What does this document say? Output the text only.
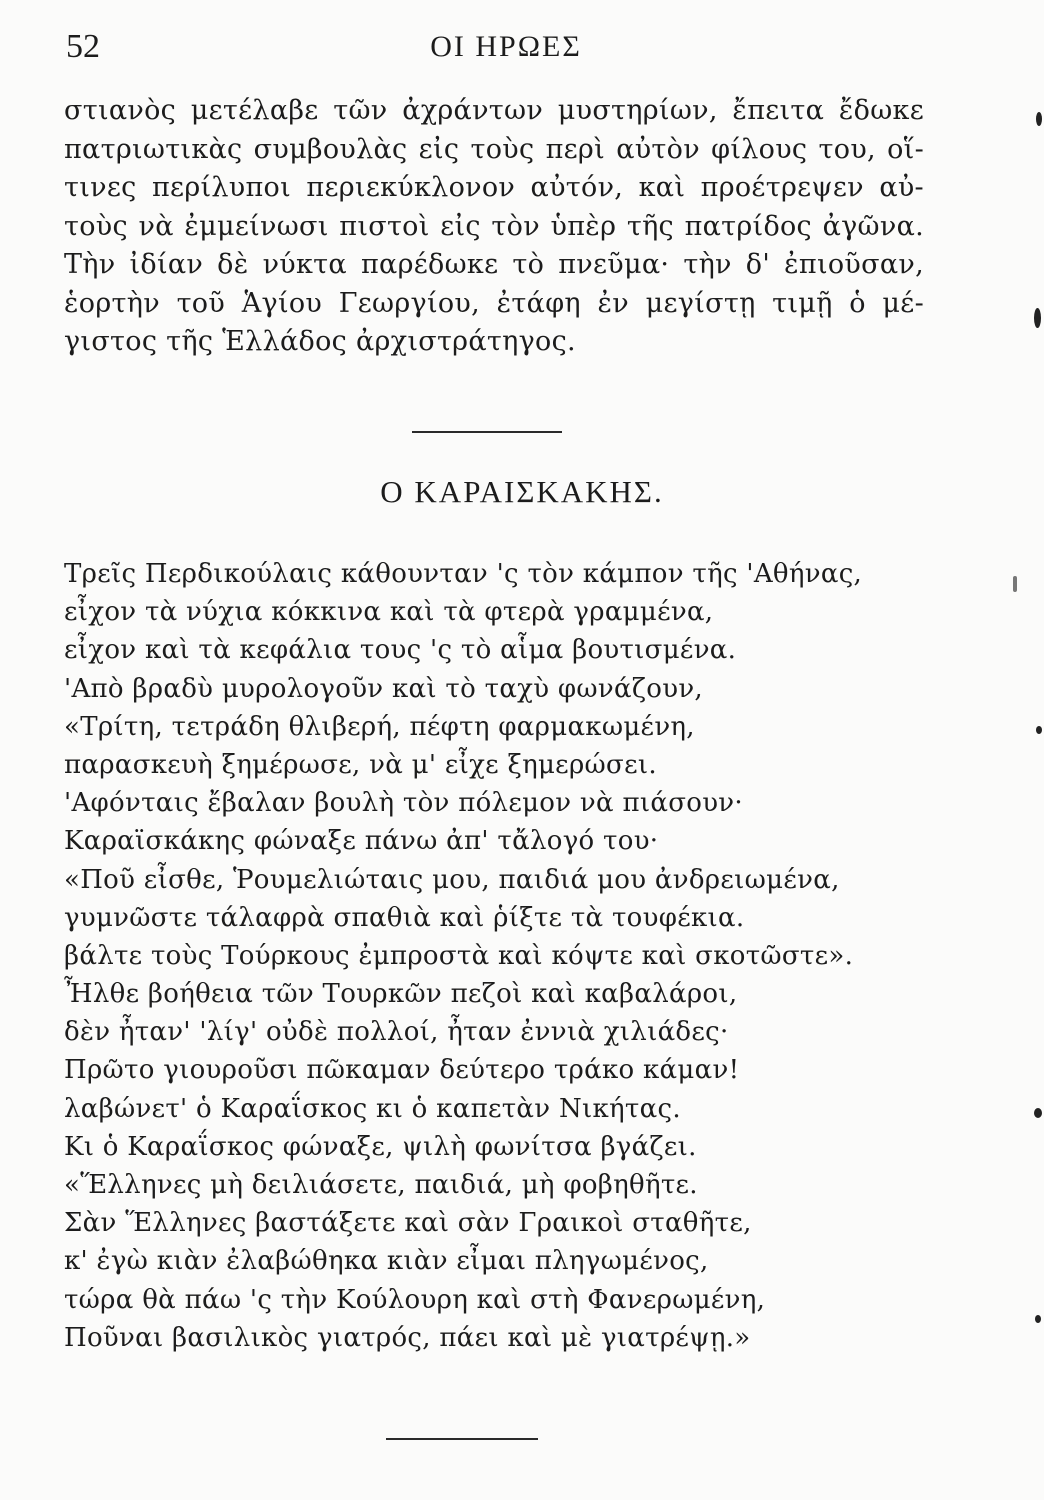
52	ΟΙ ΗΡΩΕΣ
στιανὸς μετέλαβε τῶν ἀχράντων μυστηρίων, ἔπειτα ἔδωκε
πατριωτικὰς συμβουλὰς εἰς τοὺς περὶ αὐτὸν φίλους του, οἵ-
τινες περίλυποι περιεκύκλονον αὐτόν, καὶ προέτρεψεν αὐ-
τοὺς νὰ ἐμμείνωσι πιστοὶ εἰς τὸν ὑπὲρ τῆς πατρίδος ἀγῶνα.
Τὴν ἰδίαν δὲ νύκτα παρέδωκε τὸ πνεῦμα· τὴν δ' ἐπιοῦσαν,
ἑορτὴν τοῦ Ἁγίου Γεωργίου, ἐτάφη ἐν μεγίστῃ τιμῇ ὁ μέ-
γιστος τῆς Ἑλλάδος ἀρχιστράτηγος.
Ο ΚΑΡΑΙΣΚΑΚΗΣ.
Τρεῖς Περδικούλαις κάθουνταν 'ς τὸν κάμπον τῆς 'Αθήνας,
εἶχον τὰ νύχια κόκκινα καὶ τὰ φτερὰ γραμμένα,
εἶχον καὶ τὰ κεφάλια τους 'ς τὸ αἷμα βουτισμένα.
'Απὸ βραδὺ μυρολογοῦν καὶ τὸ ταχὺ φωνάζουν,
«Τρίτη, τετράδη θλιβερή, πέφτη φαρμακωμένη,
παρασκευὴ ξημέρωσε, νὰ μ' εἶχε ξημερώσει.
'Αφόνταις ἔβαλαν βουλὴ τὸν πόλεμον νὰ πιάσουν·
Καραϊσκάκης φώναξε πάνω ἀπ' τἄλογό του·
«Ποῦ εἶσθε, Ῥουμελιώταις μου, παιδιά μου ἀνδρειωμένα,
γυμνῶστε τάλαφρὰ σπαθιὰ καὶ ῥίξτε τὰ τουφέκια.
βάλτε τοὺς Τούρκους ἐμπροστὰ καὶ κόψτε καὶ σκοτῶστε».
Ἦλθε βοήθεια τῶν Τουρκῶν πεζοὶ καὶ καβαλάροι,
δὲν ἦταν' 'λίγ' οὐδὲ πολλοί, ἦταν ἐννιὰ χιλιάδες·
Πρῶτο γιουροῦσι πῶκαμαν δεύτερο τράκο κάμαν!
λαβώνετ' ὁ Καραΐσκος κι ὁ καπετὰν Νικήτας.
Κι ὁ Καραΐσκος φώναξε, ψιλὴ φωνίτσα βγάζει.
«Ἕλληνες μὴ δειλιάσετε, παιδιά, μὴ φοβηθῆτε.
Σὰν Ἕλληνες βαστάξετε καὶ σὰν Γραικοὶ σταθῆτε,
κ' ἐγὼ κιὰν ἐλαβώθηκα κιὰν εἶμαι πληγωμένος,
τώρα θὰ πάω 'ς τὴν Κούλουρη καὶ στὴ Φανερωμένη,
Ποῦναι βασιλικὸς γιατρός, πάει καὶ μὲ γιατρέψῃ.»
